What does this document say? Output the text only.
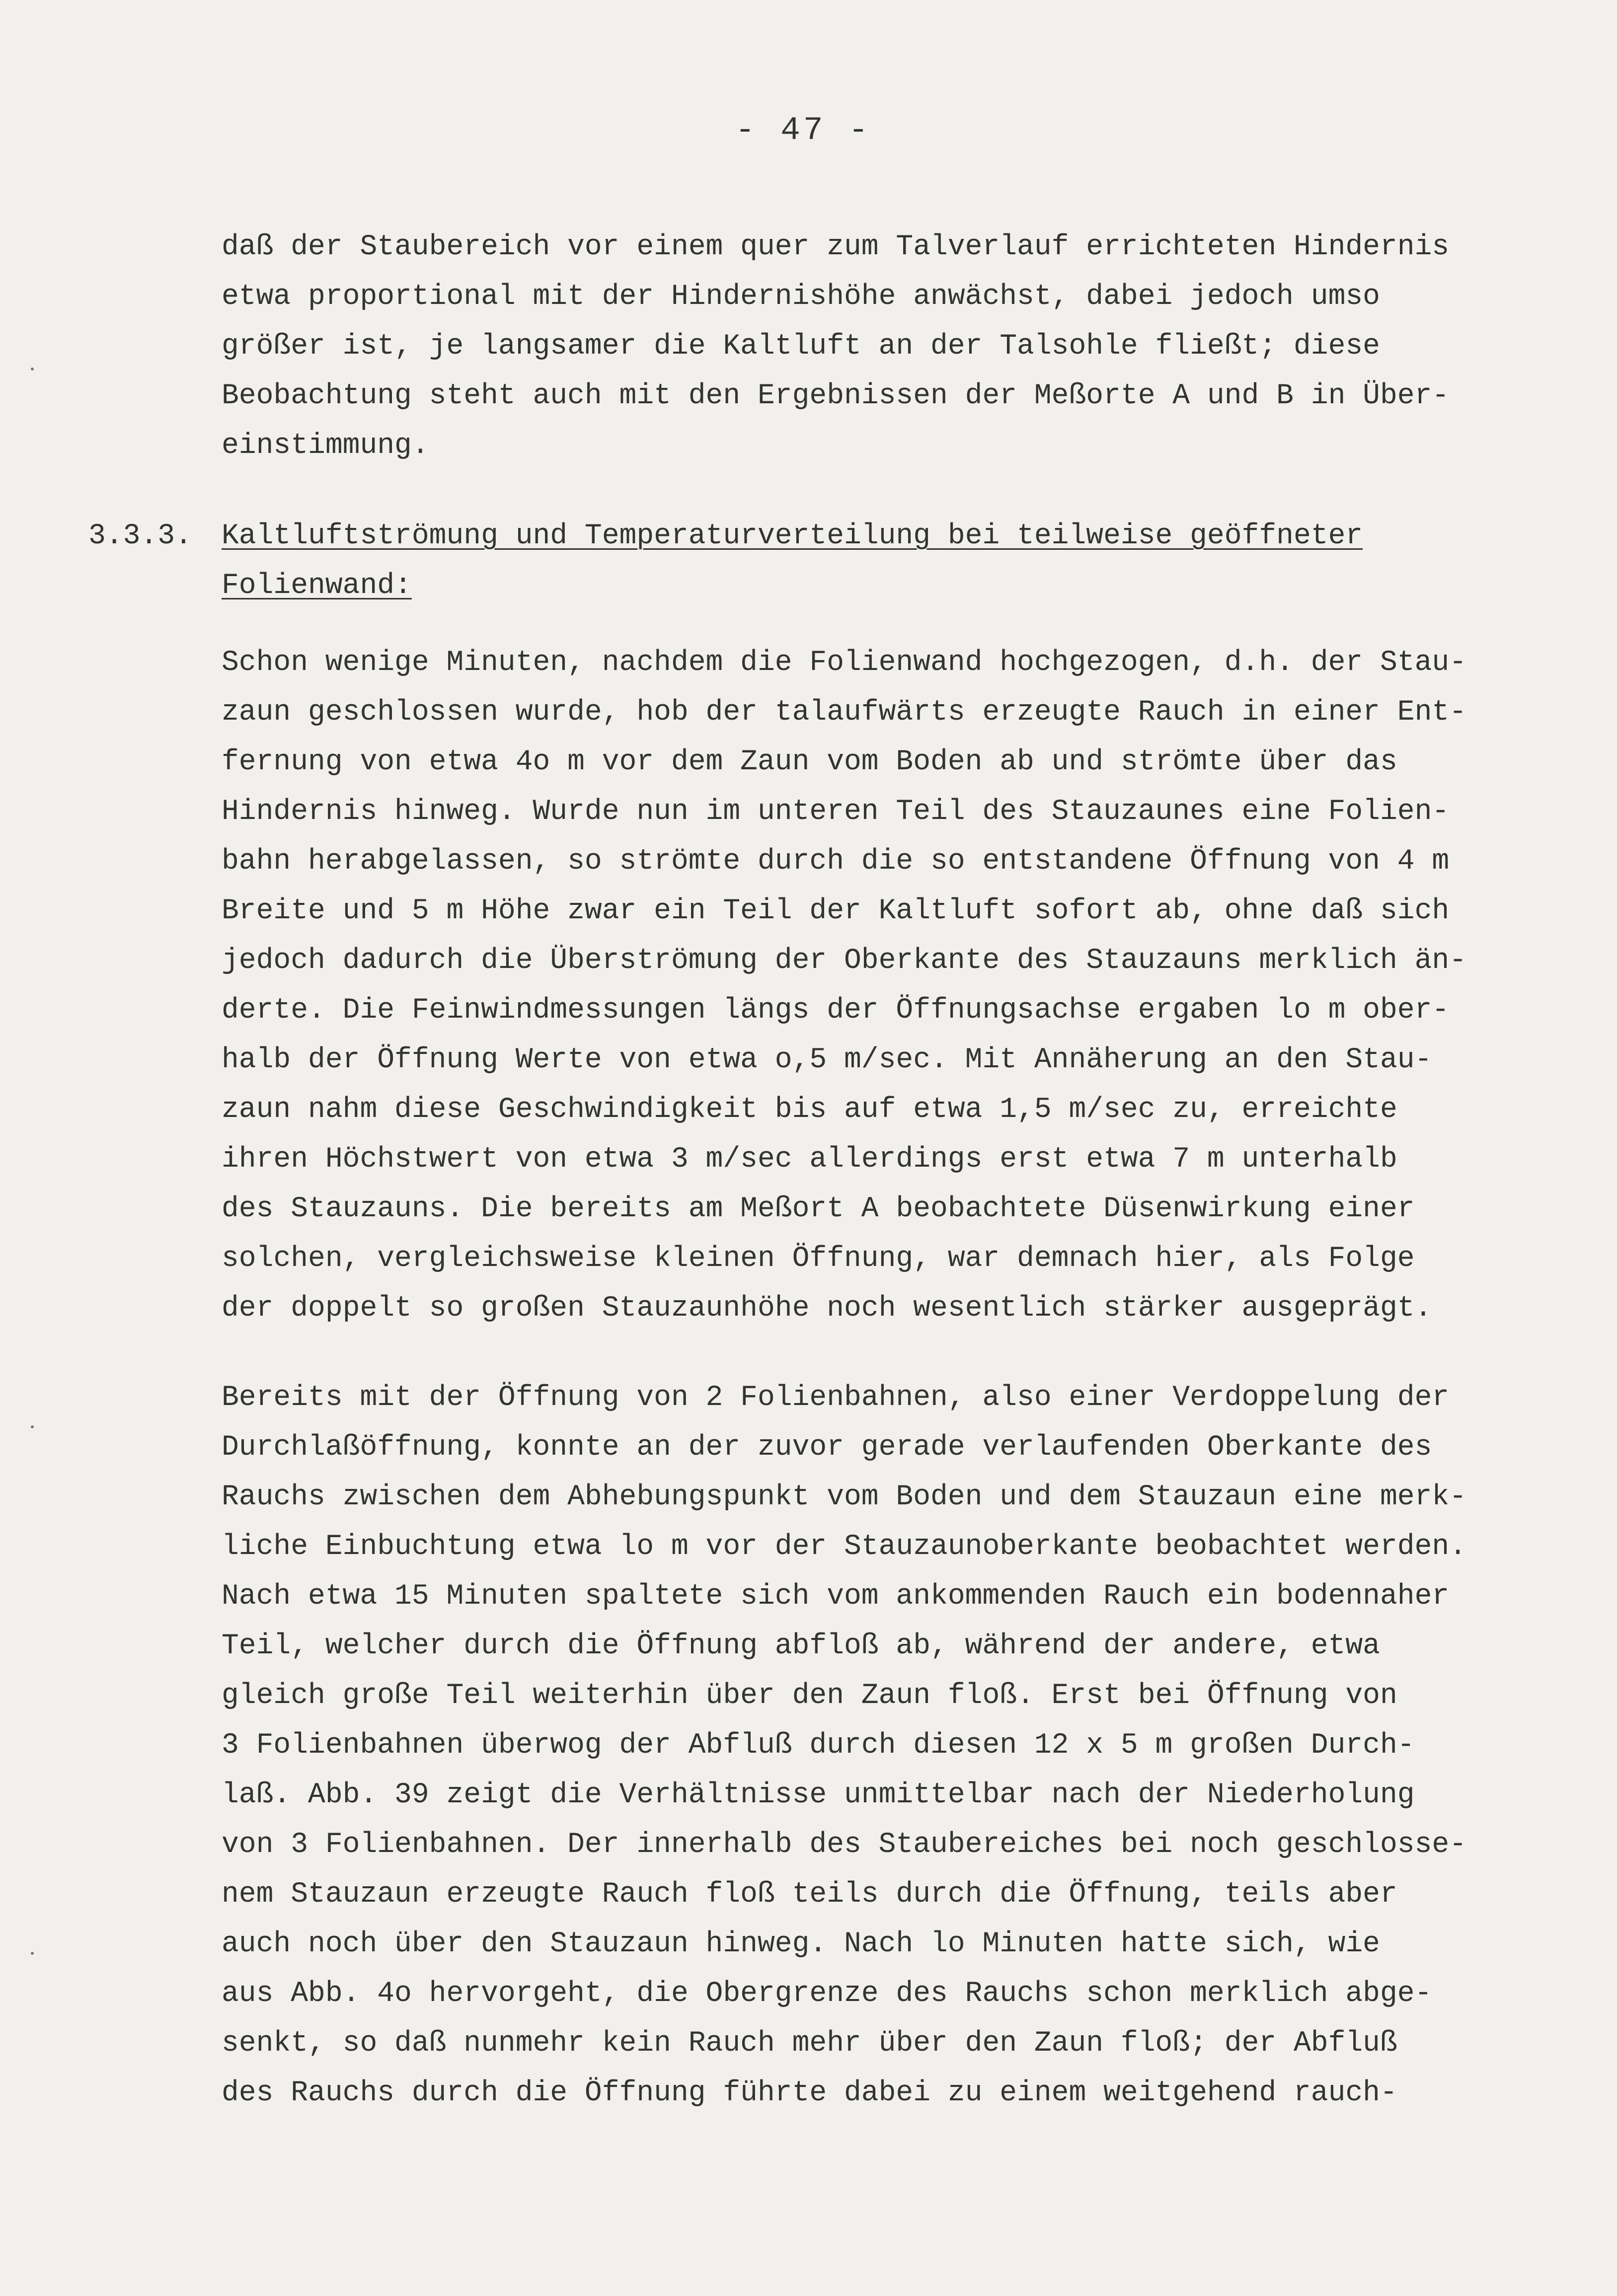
- 47 -
daß der Staubereich vor einem quer zum Talverlauf errichteten Hindernis
etwa proportional mit der Hindernishöhe anwächst, dabei jedoch umso
größer ist, je langsamer die Kaltluft an der Talsohle fließt; diese
Beobachtung steht auch mit den Ergebnissen der Meßorte A und B in Über-
einstimmung.
3.3.3. Kaltluftströmung und Temperaturverteilung bei teilweise geöffneter
Folienwand:
Schon wenige Minuten, nachdem die Folienwand hochgezogen, d.h. der Stau-
zaun geschlossen wurde, hob der talaufwärts erzeugte Rauch in einer Ent-
fernung von etwa 4o m vor dem Zaun vom Boden ab und strömte über das
Hindernis hinweg. Wurde nun im unteren Teil des Stauzaunes eine Folien-
bahn herabgelassen, so strömte durch die so entstandene Öffnung von 4 m
Breite und 5 m Höhe zwar ein Teil der Kaltluft sofort ab, ohne daß sich
jedoch dadurch die Überströmung der Oberkante des Stauzauns merklich än-
derte. Die Feinwindmessungen längs der Öffnungsachse ergaben lo m ober-
halb der Öffnung Werte von etwa o,5 m/sec. Mit Annäherung an den Stau-
zaun nahm diese Geschwindigkeit bis auf etwa 1,5 m/sec zu, erreichte
ihren Höchstwert von etwa 3 m/sec allerdings erst etwa 7 m unterhalb
des Stauzauns. Die bereits am Meßort A beobachtete Düsenwirkung einer
solchen, vergleichsweise kleinen Öffnung, war demnach hier, als Folge
der doppelt so großen Stauzaunhöhe noch wesentlich stärker ausgeprägt.
Bereits mit der Öffnung von 2 Folienbahnen, also einer Verdoppelung der
Durchlaßöffnung, konnte an der zuvor gerade verlaufenden Oberkante des
Rauchs zwischen dem Abhebungspunkt vom Boden und dem Stauzaun eine merk-
liche Einbuchtung etwa lo m vor der Stauzaunoberkante beobachtet werden.
Nach etwa 15 Minuten spaltete sich vom ankommenden Rauch ein bodennaher
Teil, welcher durch die Öffnung abfloß ab, während der andere, etwa
gleich große Teil weiterhin über den Zaun floß. Erst bei Öffnung von
3 Folienbahnen überwog der Abfluß durch diesen 12 x 5 m großen Durch-
laß. Abb. 39 zeigt die Verhältnisse unmittelbar nach der Niederholung
von 3 Folienbahnen. Der innerhalb des Staubereiches bei noch geschlosse-
nem Stauzaun erzeugte Rauch floß teils durch die Öffnung, teils aber
auch noch über den Stauzaun hinweg. Nach lo Minuten hatte sich, wie
aus Abb. 4o hervorgeht, die Obergrenze des Rauchs schon merklich abge-
senkt, so daß nunmehr kein Rauch mehr über den Zaun floß; der Abfluß
des Rauchs durch die Öffnung führte dabei zu einem weitgehend rauch-
